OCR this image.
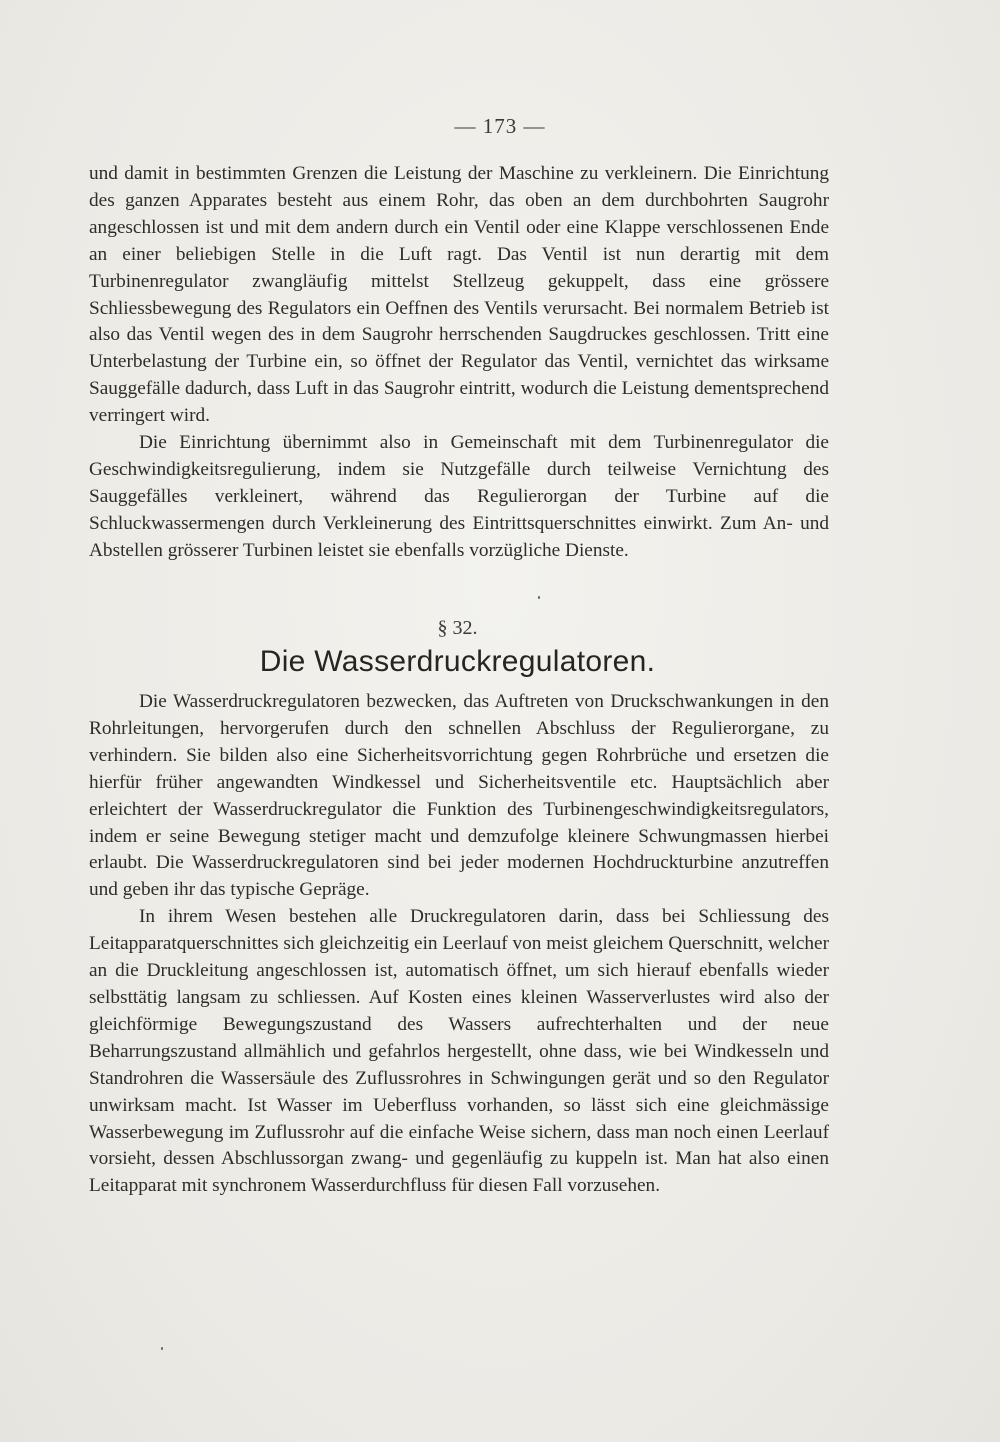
— 173 —

und damit in bestimmten Grenzen die Leistung der Maschine zu verkleinern. Die Einrichtung des ganzen Apparates besteht aus einem Rohr, das oben an dem durchbohrten Saugrohr angeschlossen ist und mit dem andern durch ein Ventil oder eine Klappe verschlossenen Ende an einer beliebigen Stelle in die Luft ragt. Das Ventil ist nun derartig mit dem Turbinenregulator zwangläufig mittelst Stellzeug gekuppelt, dass eine grössere Schliessbewegung des Regulators ein Oeffnen des Ventils verursacht. Bei normalem Betrieb ist also das Ventil wegen des in dem Saugrohr herrschenden Saugdruckes geschlossen. Tritt eine Unterbelastung der Turbine ein, so öffnet der Regulator das Ventil, vernichtet das wirksame Sauggefälle dadurch, dass Luft in das Saugrohr eintritt, wodurch die Leistung dementsprechend verringert wird.

Die Einrichtung übernimmt also in Gemeinschaft mit dem Turbinenregulator die Geschwindigkeitsregulierung, indem sie Nutzgefälle durch teilweise Vernichtung des Sauggefälles verkleinert, während das Regulierorgan der Turbine auf die Schluckwassermengen durch Verkleinerung des Eintrittsquerschnittes einwirkt. Zum An- und Abstellen grösserer Turbinen leistet sie ebenfalls vorzügliche Dienste.

§ 32.
Die Wasserdruckregulatoren.

Die Wasserdruckregulatoren bezwecken, das Auftreten von Druckschwankungen in den Rohrleitungen, hervorgerufen durch den schnellen Abschluss der Regulierorgane, zu verhindern. Sie bilden also eine Sicherheitsvorrichtung gegen Rohrbrüche und ersetzen die hierfür früher angewandten Windkessel und Sicherheitsventile etc. Hauptsächlich aber erleichtert der Wasserdruckregulator die Funktion des Turbinengeschwindigkeitsregulators, indem er seine Bewegung stetiger macht und demzufolge kleinere Schwungmassen hierbei erlaubt. Die Wasserdruckregulatoren sind bei jeder modernen Hochdruckturbine anzutreffen und geben ihr das typische Gepräge.

In ihrem Wesen bestehen alle Druckregulatoren darin, dass bei Schliessung des Leitapparatquerschnittes sich gleichzeitig ein Leerlauf von meist gleichem Querschnitt, welcher an die Druckleitung angeschlossen ist, automatisch öffnet, um sich hierauf ebenfalls wieder selbsttätig langsam zu schliessen. Auf Kosten eines kleinen Wasserverlustes wird also der gleichförmige Bewegungszustand des Wassers aufrechterhalten und der neue Beharrungszustand allmählich und gefahrlos hergestellt, ohne dass, wie bei Windkesseln und Standrohren die Wassersäule des Zuflussrohres in Schwingungen gerät und so den Regulator unwirksam macht. Ist Wasser im Ueberfluss vorhanden, so lässt sich eine gleichmässige Wasserbewegung im Zuflussrohr auf die einfache Weise sichern, dass man noch einen Leerlauf vorsieht, dessen Abschlussorgan zwang- und gegenläufig zu kuppeln ist. Man hat also einen Leitapparat mit synchronem Wasserdurchfluss für diesen Fall vorzusehen.
